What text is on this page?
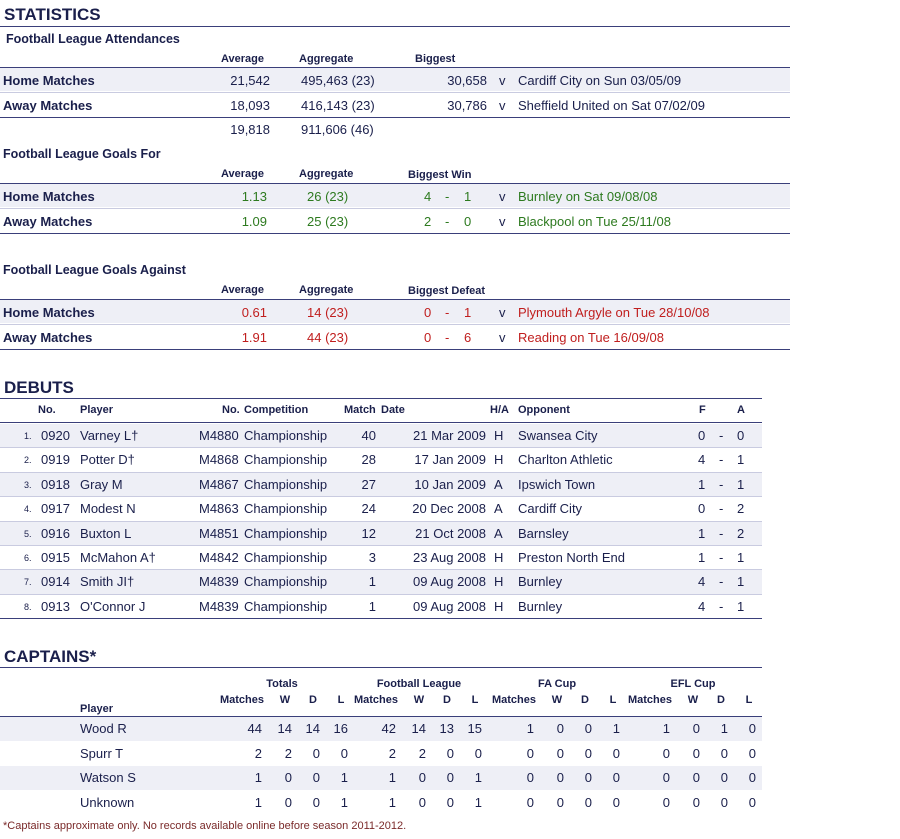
STATISTICS
Football League Attendances
Average	Aggregate	Biggest
Home Matches	21,542 495,463 (23)	30,658 v Cardiff City on Sun 03/05/09
Away Matches	18,093 416,143 (23)	30,786 v Sheffield United on Sat 07/02/09
19,818 911,606 (46)
Football League Goals For
Average	Aggregate	Biggest Win
Home Matches	1.13	26 (23)	4 - 1 v Burnley on Sat 09/08/08
Away Matches	1.09	25 (23)	2 - 0 v Blackpool on Tue 25/11/08
Football League Goals Against
Average	Aggregate	Biggest Defeat
Home Matches	0.61	14 (23)	0 - 1 v Plymouth Argyle on Tue 28/10/08
Away Matches	1.91	44 (23)	0 - 6 v Reading on Tue 16/09/08
DEBUTS
No. Player	No. Competition	Match Date	H/A Opponent	F	A
1. 0920 Varney L†	M4880 Championship	40	21 Mar 2009 H Swansea City	0 - 0
2. 0919 Potter D†	M4868 Championship	28	17 Jan 2009 H Charlton Athletic	4 - 1
3. 0918 Gray M	M4867 Championship	27	10 Jan 2009 A Ipswich Town	1 - 1
4. 0917 Modest N	M4863 Championship	24	20 Dec 2008 A Cardiff City	0 - 2
5. 0916 Buxton L	M4851 Championship	12	21 Oct 2008 A Barnsley	1 - 2
6. 0915 McMahon A†	M4842 Championship	3	23 Aug 2008 H Preston North End	1 - 1
7. 0914 Smith JI†	M4839 Championship	1	09 Aug 2008 H Burnley	4 - 1
8. 0913 O'Connor J	M4839 Championship	1	09 Aug 2008 H Burnley	4 - 1
CAPTAINS*
Totals	Football League	FA Cup	EFL Cup
Player
Matches	W	D	L Matches	W	D	L	Matches	W	D	L	Matches	W	D	L
Wood R	44	14	14	16	42	14	13	15	1	0	0	1	1	0	1	0
Spurr T	2	2	0	0	2	2	0	0	0	0	0	0	0	0	0	0
Watson S	1	0	0	1	1	0	0	1	0	0	0	0	0	0	0	0
Unknown	1	0	0	1	1	0	0	1	0	0	0	0	0	0	0	0
*Captains approximate only. No records available online before season 2011-2012.
